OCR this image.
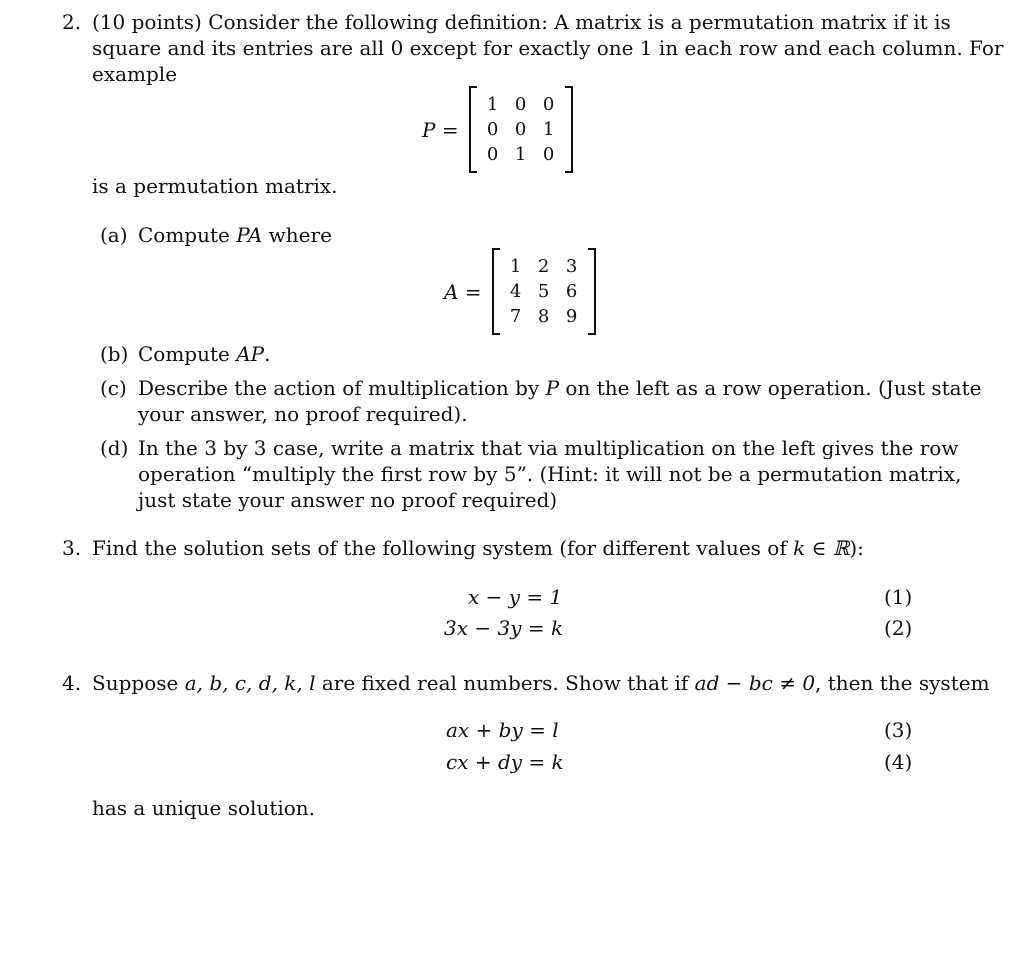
2. (10 points) Consider the following definition: A matrix is a permutation matrix if it is
square and its entries are all 0 except for exactly one 1 in each row and each column. For
example
P =
1 0 0
0 0 1
0 1 0
is a permutation matrix.
(a) Compute PA where
A =
1 2 3
4 5 6
7 8 9
(b) Compute AP.
(c) Describe the action of multiplication by P on the left as a row operation. (Just state
your answer, no proof required).
(d) In the 3 by 3 case, write a matrix that via multiplication on the left gives the row
operation “multiply the first row by 5”. (Hint: it will not be a permutation matrix,
just state your answer no proof required)
3. Find the solution sets of the following system (for different values of k ∈ ℝ):
x − y = 1	(1)
3x − 3y = k	(2)
4. Suppose a, b, c, d, k, l are fixed real numbers. Show that if ad − bc ≠ 0, then the system
ax + by = l	(3)
cx + dy = k	(4)
has a unique solution.
